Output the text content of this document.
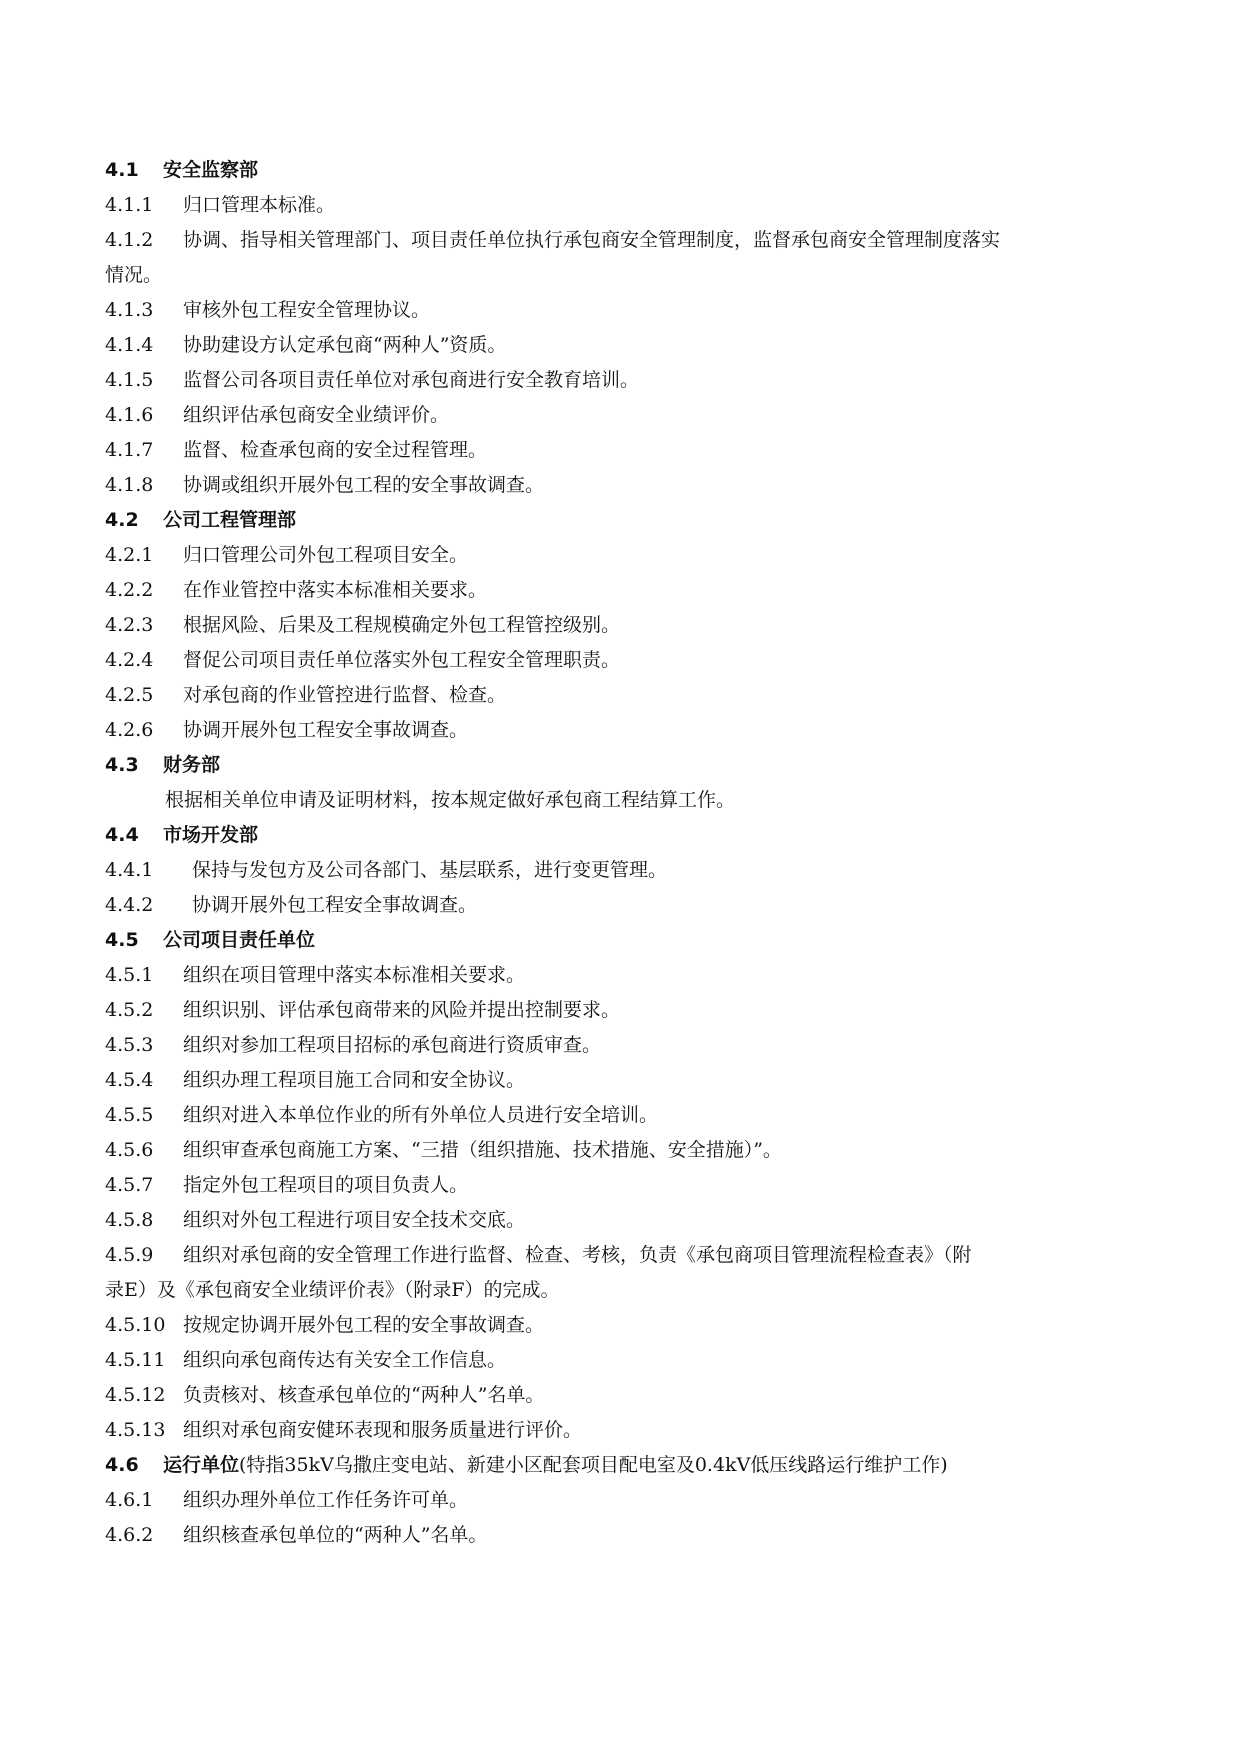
4.1 安全监察部
4.1.1 归口管理本标准。
4.1.2 协调、指导相关管理部门、项目责任单位执行承包商安全管理制度，监督承包商安全管理制度落实
情况。
4.1.3 审核外包工程安全管理协议。
4.1.4 协助建设方认定承包商“两种人”资质。
4.1.5 监督公司各项目责任单位对承包商进行安全教育培训。
4.1.6 组织评估承包商安全业绩评价。
4.1.7 监督、检查承包商的安全过程管理。
4.1.8 协调或组织开展外包工程的安全事故调查。
4.2 公司工程管理部
4.2.1 归口管理公司外包工程项目安全。
4.2.2 在作业管控中落实本标准相关要求。
4.2.3 根据风险、后果及工程规模确定外包工程管控级别。
4.2.4 督促公司项目责任单位落实外包工程安全管理职责。
4.2.5 对承包商的作业管控进行监督、检查。
4.2.6 协调开展外包工程安全事故调查。
4.3 财务部
根据相关单位申请及证明材料，按本规定做好承包商工程结算工作。
4.4 市场开发部
4.4.1 保持与发包方及公司各部门、基层联系，进行变更管理。
4.4.2 协调开展外包工程安全事故调查。
4.5 公司项目责任单位
4.5.1 组织在项目管理中落实本标准相关要求。
4.5.2 组织识别、评估承包商带来的风险并提出控制要求。
4.5.3 组织对参加工程项目招标的承包商进行资质审查。
4.5.4 组织办理工程项目施工合同和安全协议。
4.5.5 组织对进入本单位作业的所有外单位人员进行安全培训。
4.5.6 组织审查承包商施工方案、“三措（组织措施、技术措施、安全措施）”。
4.5.7 指定外包工程项目的项目负责人。
4.5.8 组织对外包工程进行项目安全技术交底。
4.5.9 组织对承包商的安全管理工作进行监督、检查、考核，负责《承包商项目管理流程检查表》（附
录E）及《承包商安全业绩评价表》（附录F）的完成。
4.5.10 按规定协调开展外包工程的安全事故调查。
4.5.11 组织向承包商传达有关安全工作信息。
4.5.12 负责核对、核查承包单位的“两种人”名单。
4.5.13 组织对承包商安健环表现和服务质量进行评价。
4.6 运行单位(特指35kV乌撒庄变电站、新建小区配套项目配电室及0.4kV低压线路运行维护工作)
4.6.1 组织办理外单位工作任务许可单。
4.6.2 组织核查承包单位的“两种人”名单。
